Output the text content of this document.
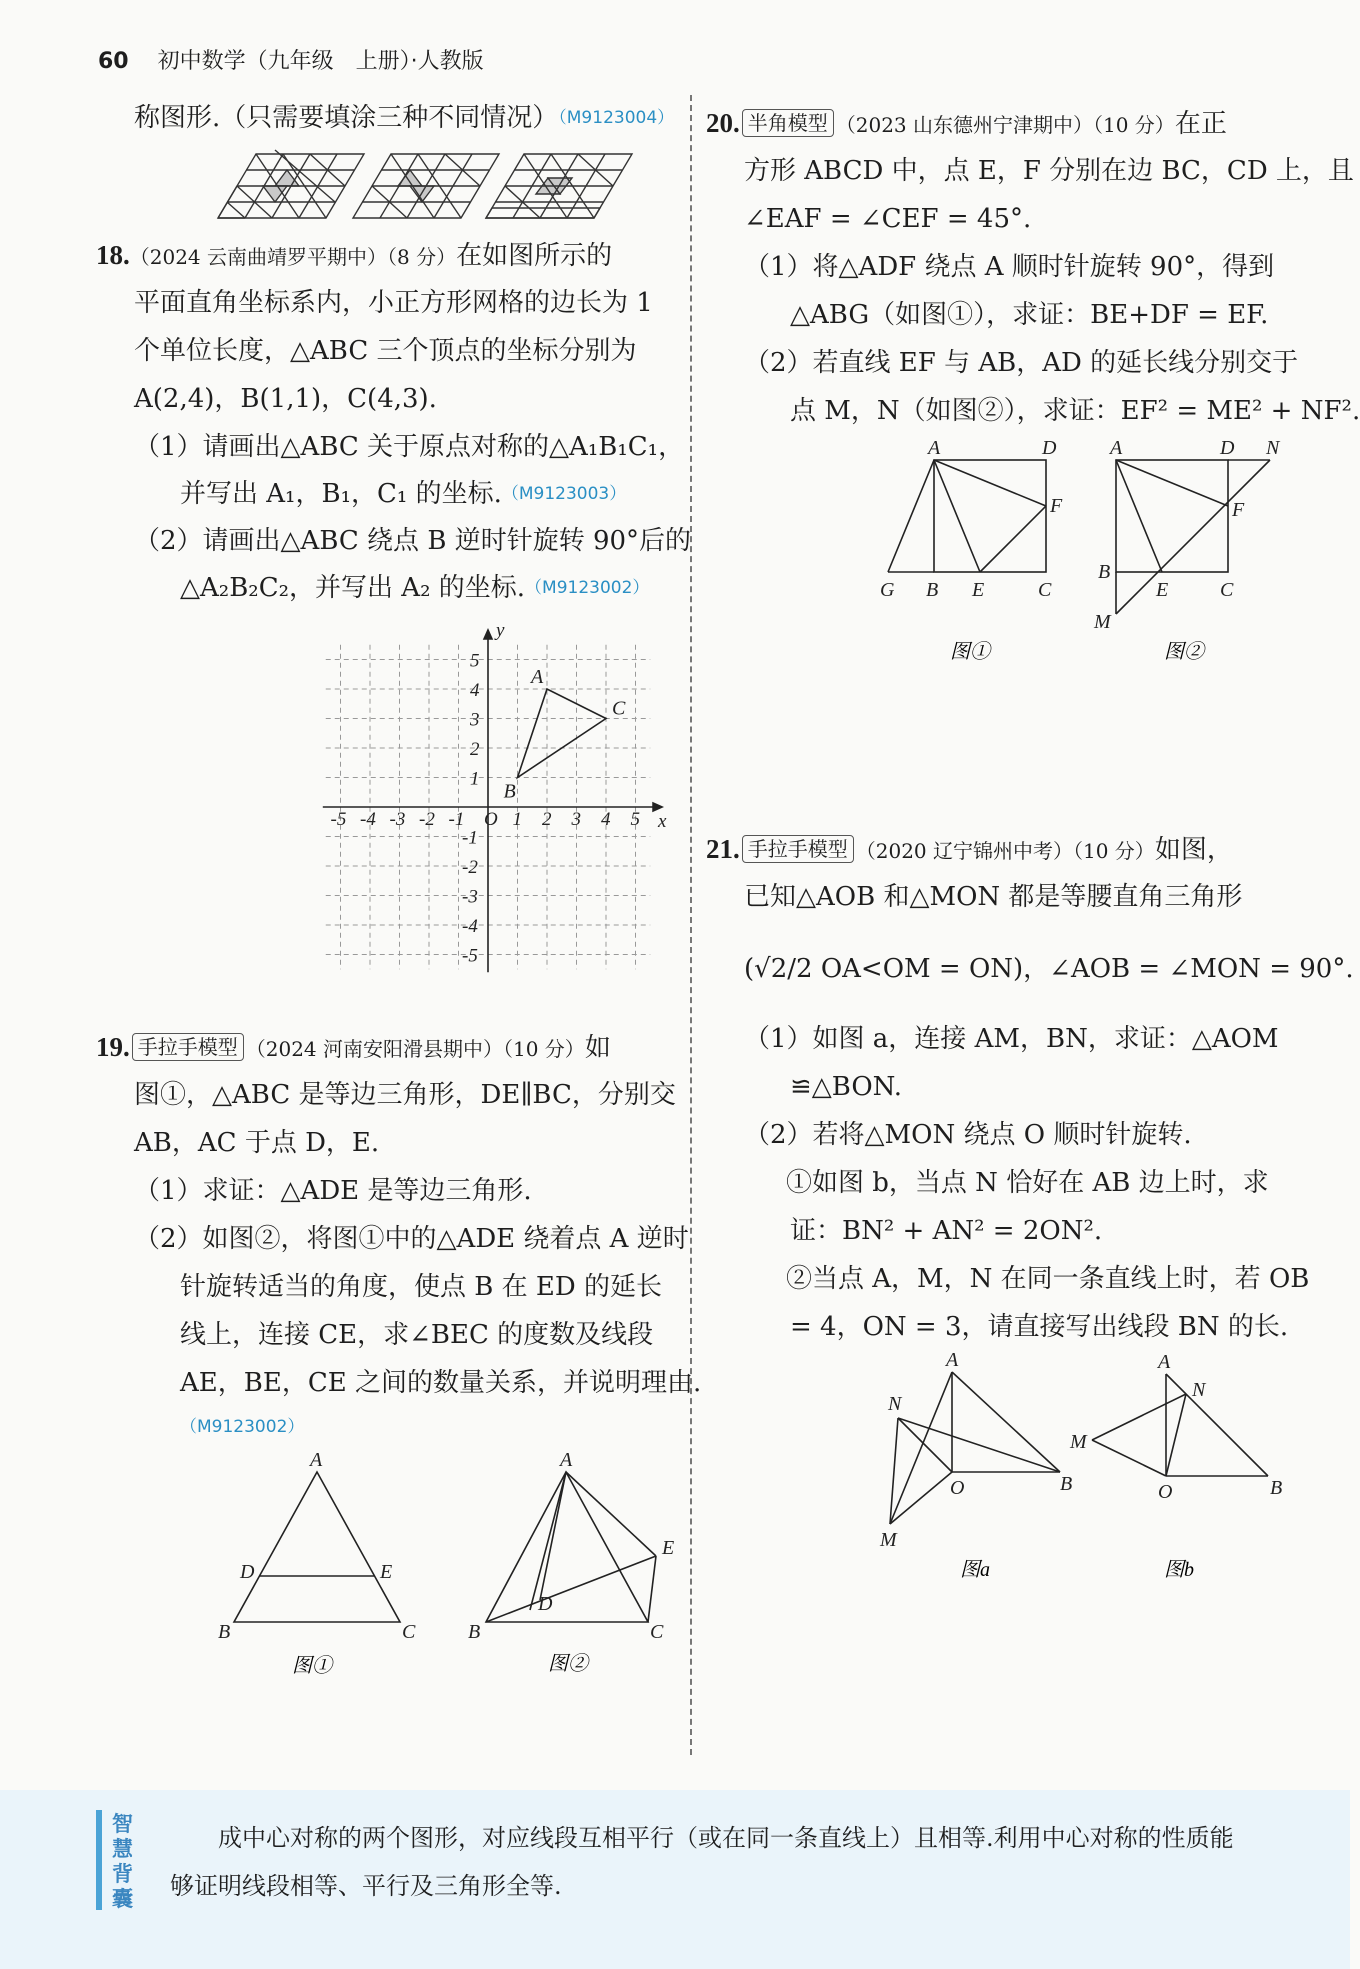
60 初中数学（九年级　上册）·人教版
称图形.（只需要填涂三种不同情况）（M9123004）
18.（2024 云南曲靖罗平期中）（8 分）在如图所示的
平面直角坐标系内，小正方形网格的边长为 1
个单位长度，△ABC 三个顶点的坐标分别为
A(2,4)，B(1,1)，C(4,3).
（1）请画出△ABC 关于原点对称的△A₁B₁C₁，
并写出 A₁，B₁，C₁ 的坐标.（M9123003）
（2）请画出△ABC 绕点 B 逆时针旋转 90°后的
△A₂B₂C₂，并写出 A₂ 的坐标.（M9123002）
-5 -4 -3 -2 -1 O 1 2 3 4 5
5
4
3
2
1
-1
-2
-3
-4
-5
x
y
A
B
C
19. 手拉手模型 （2024 河南安阳滑县期中）（10 分）如
图①，△ABC 是等边三角形，DE∥BC，分别交
AB，AC 于点 D，E.
（1）求证：△ADE 是等边三角形.
（2）如图②，将图①中的△ADE 绕着点 A 逆时
针旋转适当的角度，使点 B 在 ED 的延长
线上，连接 CE，求∠BEC 的度数及线段
AE，BE，CE 之间的数量关系，并说明理由.
（M9123002）
A
B	C
D	E
A
B	C
D
E
图①	图②
20. 半角模型 （2023 山东德州宁津期中）（10 分）在正
方形 ABCD 中，点 E，F 分别在边 BC，CD 上，且
∠EAF = ∠CEF = 45°.
（1）将△ADF 绕点 A 顺时针旋转 90°，得到
△ABG（如图①），求证：BE+DF = EF.
（2）若直线 EF 与 AB，AD 的延长线分别交于
点 M，N（如图②），求证：EF² = ME² + NF².
A	D
F
G B E	C
A	D N
F
B
E	C
M
图①	图②
21. 手拉手模型 （2020 辽宁锦州中考）（10 分）如图，
已知△AOB 和△MON 都是等腰直角三角形
(√2/2 OA<OM = ON)，∠AOB = ∠MON = 90°.
（1）如图 a，连接 AM，BN，求证：△AOM
≌△BON.
（2）若将△MON 绕点 O 顺时针旋转.
①如图 b，当点 N 恰好在 AB 边上时，求
证：BN² + AN² = 2ON².
②当点 A，M，N 在同一条直线上时，若 OB
= 4，ON = 3，请直接写出线段 BN 的长.
A
N
O	B
M
A
N
M
O	B
图a	图b
智慧背囊
成中心对称的两个图形，对应线段互相平行（或在同一条直线上）且相等.利用中心对称的性质能
够证明线段相等、平行及三角形全等.
